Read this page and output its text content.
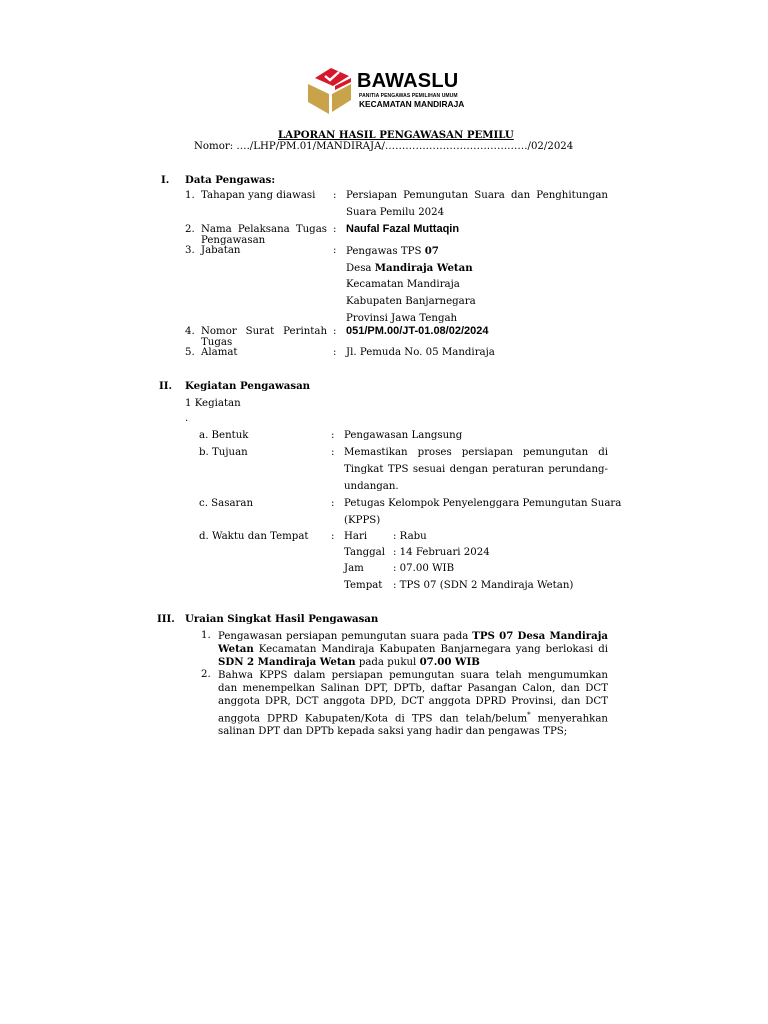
BAWASLU
PANITIA PENGAWAS PEMILIHAN UMUM
KECAMATAN MANDIRAJA
LAPORAN HASIL PENGAWASAN PEMILU
Nomor: …./LHP/PM.01/MANDIRAJA/……………………………………/02/2024
I. Data Pengawas:
1. Tahapan yang diawasi : Persiapan Pemungutan Suara dan Penghitungan
Suara Pemilu 2024
2. Nama Pelaksana Tugas
Pengawasan
: Naufal Fazal Muttaqin
3. Jabatan	: Pengawas TPS 07
Desa Mandiraja Wetan
Kecamatan Mandiraja
Kabupaten Banjarnegara
Provinsi Jawa Tengah
4. Nomor Surat Perintah
Tugas
: 051/PM.00/JT-01.08/02/2024
5. Alamat	: Jl. Pemuda No. 05 Mandiraja
II. Kegiatan Pengawasan
1 Kegiatan
.
a. Bentuk	: Pengawasan Langsung
b. Tujuan	: Memastikan proses persiapan pemungutan di
Tingkat TPS sesuai dengan peraturan perundang-
undangan.
c. Sasaran	: Petugas Kelompok Penyelenggara Pemungutan Suara
(KPPS)
d. Waktu dan Tempat : Hari	: Rabu
Tanggal : 14 Februari 2024
Jam	: 07.00 WIB
Tempat : TPS 07 (SDN 2 Mandiraja Wetan)
III. Uraian Singkat Hasil Pengawasan
1. Pengawasan persiapan pemungutan suara pada TPS 07 Desa Mandiraja Wetan Kecamatan Mandiraja Kabupaten Banjarnegara yang berlokasi di SDN 2 Mandiraja Wetan pada pukul 07.00 WIB
2. Bahwa KPPS dalam persiapan pemungutan suara telah mengumumkan dan menempelkan Salinan DPT, DPTb, daftar Pasangan Calon, dan DCT anggota DPR, DCT anggota DPD, DCT anggota DPRD Provinsi, dan DCT anggota DPRD Kabupaten/Kota di TPS dan telah/belum* menyerahkan salinan DPT dan DPTb kepada saksi yang hadir dan pengawas TPS;
